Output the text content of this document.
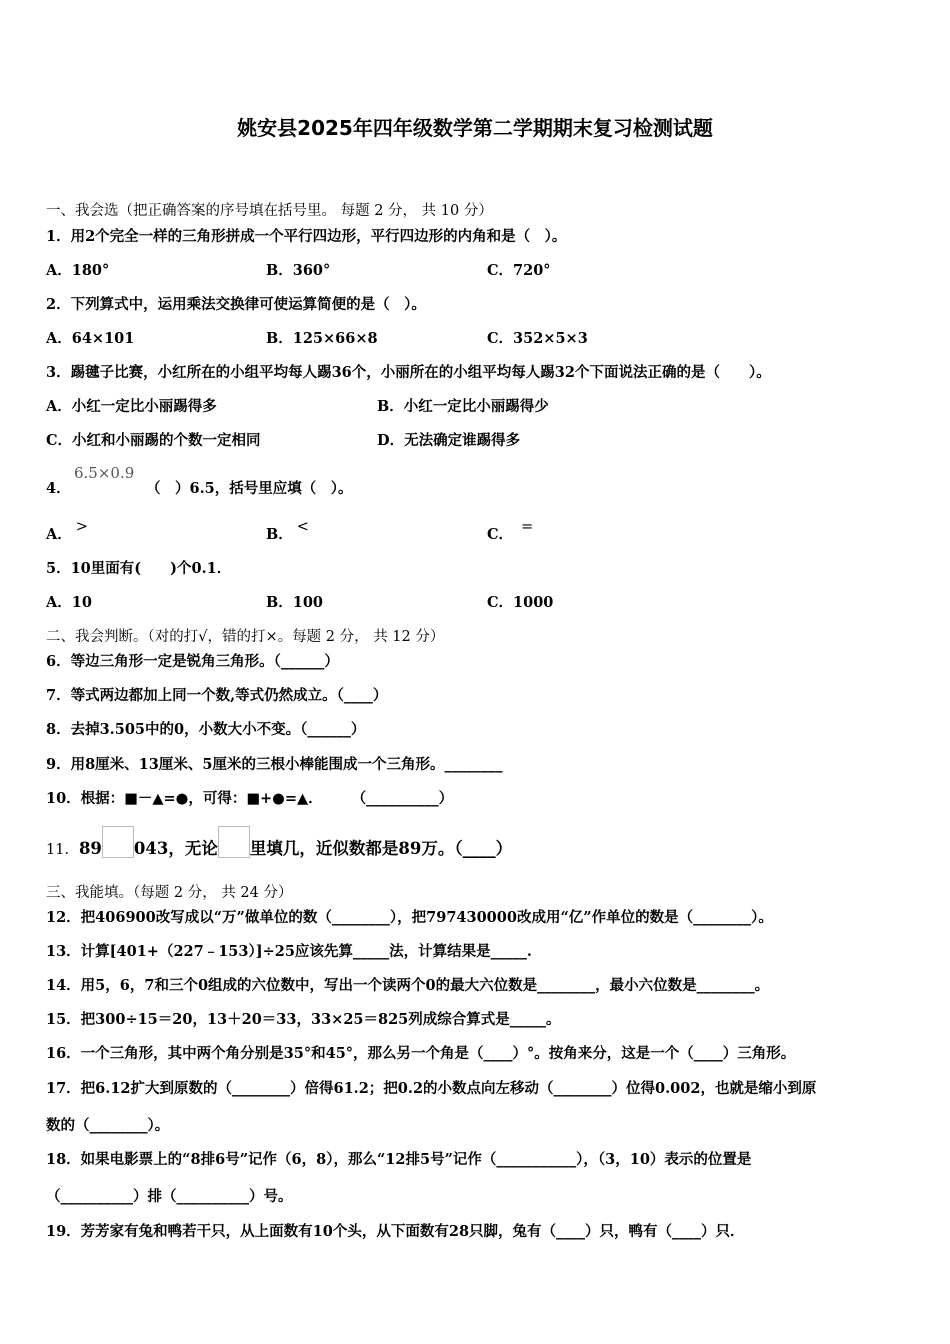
姚安县2025年四年级数学第二学期期末复习检测试题
一、我会选（把正确答案的序号填在括号里。 每题 2 分， 共 10 分）
1．用2个完全一样的三角形拼成一个平行四边形，平行四边形的内角和是（　）。
A．180°	B．360°	C．720°
2．下列算式中，运用乘法交换律可使运算简便的是（　）。
A．64×101	B．125×66×8	C．352×5×3
3．踢毽子比赛，小红所在的小组平均每人踢36个，小丽所在的小组平均每人踢32个下面说法正确的是（　　）。
A．小红一定比小丽踢得多	B．小红一定比小丽踢得少
C．小红和小丽踢的个数一定相同	D．无法确定谁踢得多
4．
6.5×0.9
（　）6.5，括号里应填（　）。
A． >	B． <	C． =
5．10里面有(　　)个0.1．
A．10	B．100	C．1000
二、我会判断。（对的打√，错的打×。每题 2 分， 共 12 分）
6．等边三角形一定是锐角三角形。（______）
7．等式两边都加上同一个数,等式仍然成立。（____）
8．去掉3.505中的0，小数大小不变。（______）
9．用8厘米、13厘米、5厘米的三根小棒能围成一个三角形。________
10．根据：■－▲=●，可得：■+●=▲．　　　（__________）
11．89 043，无论 里填几，近似数都是89万。（____）
三、我能填。（每题 2 分， 共 24 分）
12．把406900改写成以“万”做单位的数（________），把797430000改成用“亿”作单位的数是（________）。
13．计算[401+（227﹣153）]÷25应该先算_____法，计算结果是_____.
14．用5，6，7和三个0组成的六位数中，写出一个读两个0的最大六位数是________，最小六位数是________。
15．把300÷15＝20，13＋20＝33，33×25＝825列成综合算式是_____。
16．一个三角形，其中两个角分别是35°和45°，那么另一个角是（____）°。按角来分，这是一个（____）三角形。
17．把6.12扩大到原数的（________）倍得61.2；把0.2的小数点向左移动（________）位得0.002，也就是缩小到原
数的（________）。
18．如果电影票上的“8排6号”记作（6，8），那么“12排5号”记作（___________），（3，10）表示的位置是
（__________）排（__________）号。
19．芳芳家有兔和鸭若干只，从上面数有10个头，从下面数有28只脚，兔有（____）只，鸭有（____）只．
